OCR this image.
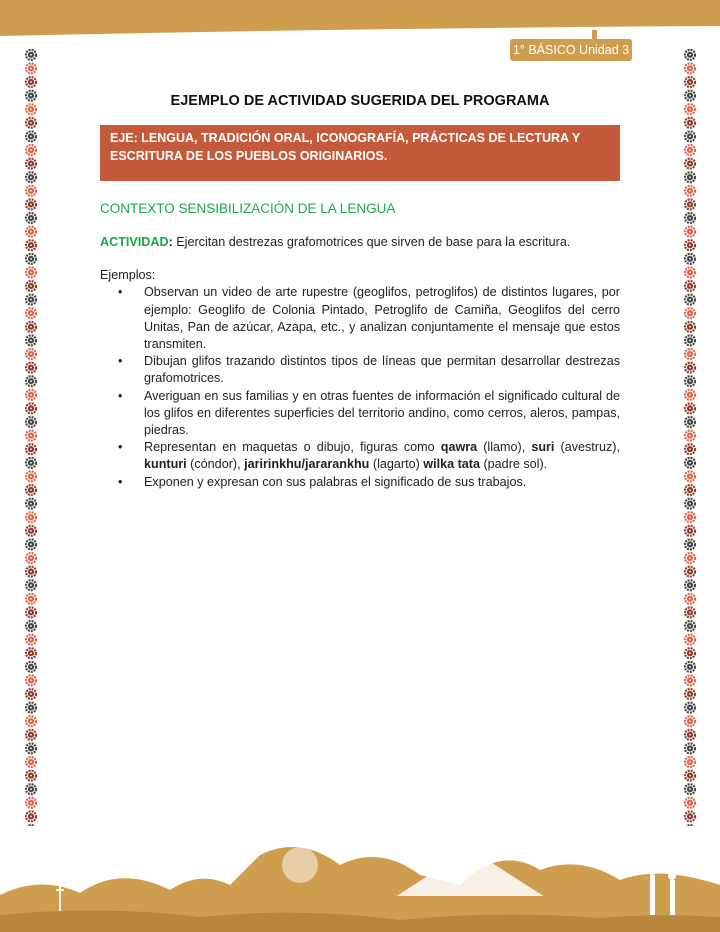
1° BÁSICO Unidad 3
EJEMPLO DE ACTIVIDAD SUGERIDA DEL PROGRAMA
EJE: LENGUA, TRADICIÓN ORAL, ICONOGRAFÍA, PRÁCTICAS DE LECTURA Y ESCRITURA DE LOS PUEBLOS ORIGINARIOS.
CONTEXTO SENSIBILIZACIÓN DE LA LENGUA
ACTIVIDAD: Ejercitan destrezas grafomotrices que sirven de base para la escritura.
Ejemplos:
• Observan un video de arte rupestre (geoglifos, petroglifos) de distintos lugares, por ejemplo: Geoglifo de Colonia Pintado, Petroglifo de Camiña, Geoglifos del cerro Unitas, Pan de azúcar, Azapa, etc., y analizan conjuntamente el mensaje que estos transmiten.
• Dibujan glifos trazando distintos tipos de líneas que permitan desarrollar destrezas grafomotrices.
• Averiguan en sus familias y en otras fuentes de información el significado cultural de los glifos en diferentes superficies del territorio andino, como cerros, aleros, pampas, piedras.
• Representan en maquetas o dibujo, figuras como qawra (llamo), suri (avestruz), kunturi (cóndor), jaririnkhu/jararankhu (lagarto) wilka tata (padre sol).
• Exponen y expresan con sus palabras el significado de sus trabajos.
